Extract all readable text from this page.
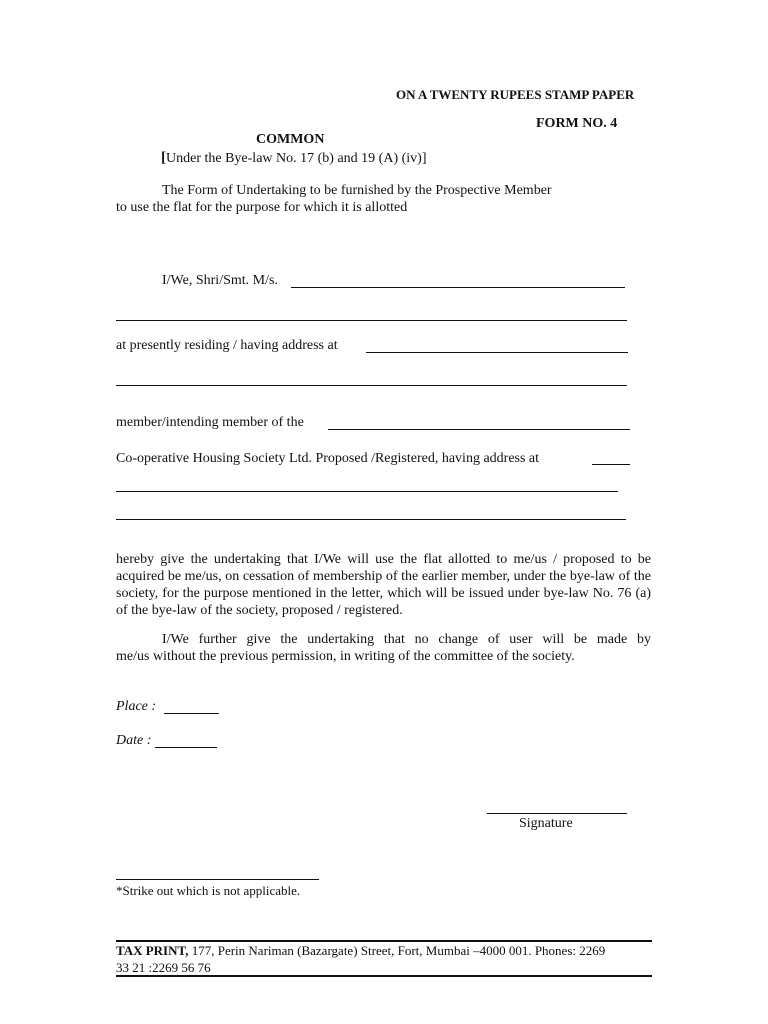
ON A TWENTY RUPEES STAMP PAPER
FORM NO. 4
COMMON
[Under the Bye-law No. 17 (b) and 19 (A) (iv)]
The Form of Undertaking to be furnished by the Prospective Member
to use the flat for the purpose for which it is allotted
I/We, Shri/Smt. M/s.
at presently residing / having address at
member/intending member of the
Co-operative Housing Society Ltd. Proposed /Registered, having address at
hereby give the undertaking that I/We will use the flat allotted to me/us / proposed to be acquired be me/us, on cessation of membership of the earlier member, under the bye-law of the society, for the purpose mentioned in the letter, which will be issued under bye-law No. 76 (a) of the bye-law of the society, proposed / registered.
I/We further give the undertaking that no change of user will be made by
me/us without the previous permission, in writing of the committee of the society.
Place :
Date :
Signature
*Strike out which is not applicable.
TAX PRINT, 177, Perin Nariman (Bazargate) Street, Fort, Mumbai –4000 001. Phones: 2269
33 21 :2269 56 76
